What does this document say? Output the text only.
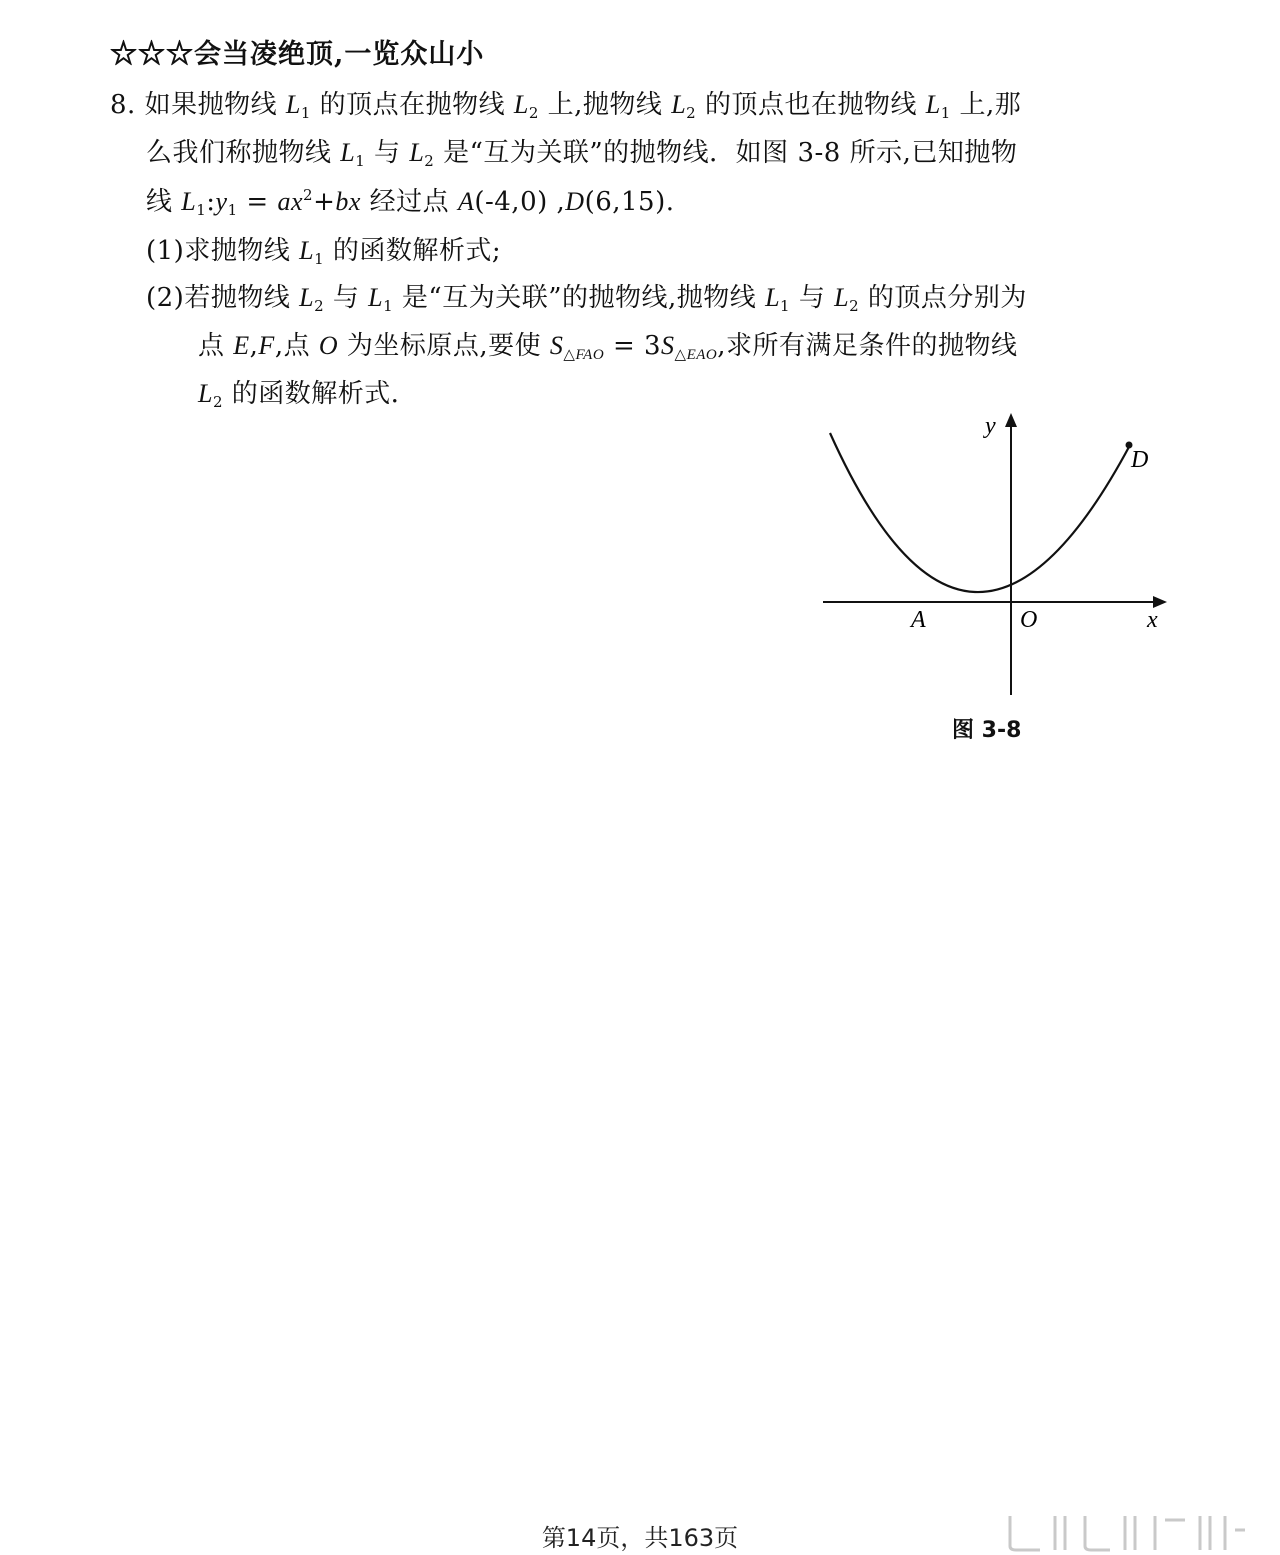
☆☆☆会当凌绝顶,一览众山小
8. 如果抛物线 $L_1$ 的顶点在抛物线 $L_2$ 上,抛物线 $L_2$ 的顶点也在抛物线 $L_1$ 上,那
么我们称抛物线 $L_1$ 与 $L_2$ 是“互为关联”的抛物线．如图 3-8 所示,已知抛物
线 $L_1:y_1 = ax^2+bx$ 经过点 A(-4,0) ,D(6,15).
(1)求抛物线 $L_1$ 的函数解析式;
(2)若抛物线 $L_2$ 与 $L_1$ 是“互为关联”的抛物线,抛物线 $L_1$ 与 $L_2$ 的顶点分别为
点 E,F,点 O 为坐标原点,要使 $S_{\triangle FAO} = 3S_{\triangle EAO}$,求所有满足条件的抛物线
$L_2$ 的函数解析式．
y
D
A	O	x
图 3-8
第14页，共163页
